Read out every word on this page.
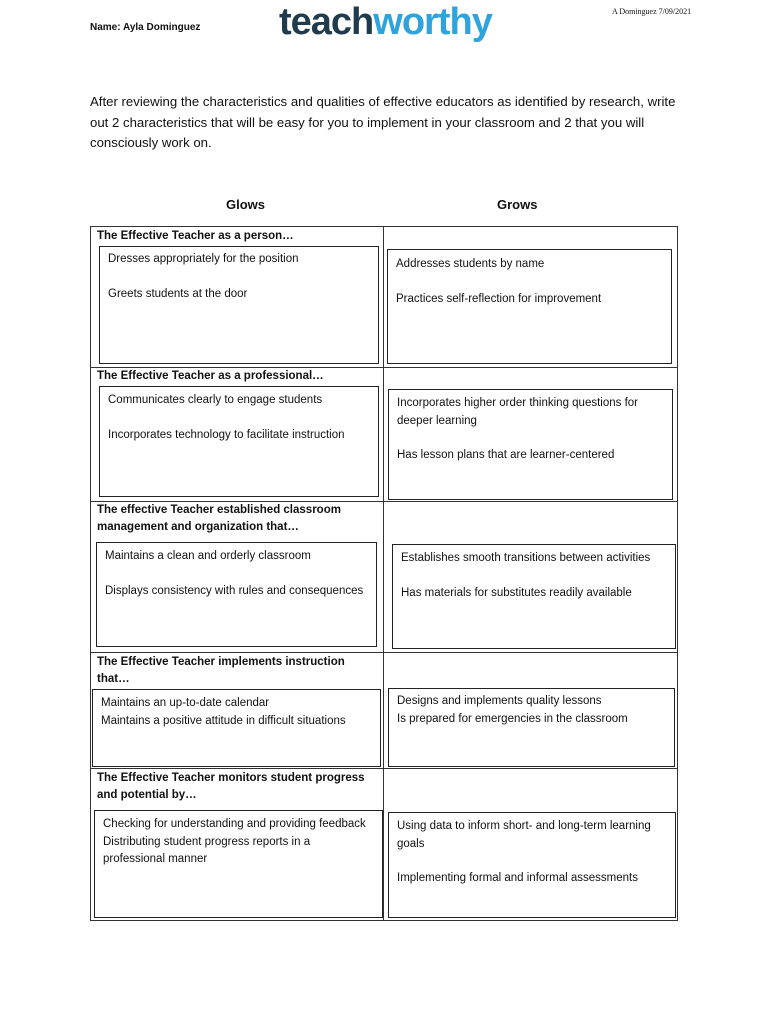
Name: Ayla Dominguez teachworthy	A Dominguez 7/09/2021
After reviewing the characteristics and qualities of effective educators as identified by research, write out 2 characteristics that will be easy for you to implement in your classroom and 2 that you will consciously work on.
Glows	Grows
The Effective Teacher as a person…

Dresses appropriately for the position

Greets students at the door

Addresses students by name

Practices self-reflection for improvement

The Effective Teacher as a professional…

Communicates clearly to engage students

Incorporates technology to facilitate instruction

Incorporates higher order thinking questions for deeper learning

Has lesson plans that are learner-centered

The effective Teacher established classroom management and organization that…

Maintains a clean and orderly classroom

Displays consistency with rules and consequences

Establishes smooth transitions between activities

Has materials for substitutes readily available

The Effective Teacher implements instruction that…

Maintains an up-to-date calendar

Maintains a positive attitude in difficult situations

Designs and implements quality lessons

Is prepared for emergencies in the classroom

The Effective Teacher monitors student progress and potential by…

Checking for understanding and providing feedback

Distributing student progress reports in a professional manner

Using data to inform short- and long-term learning goals

Implementing formal and informal assessments
